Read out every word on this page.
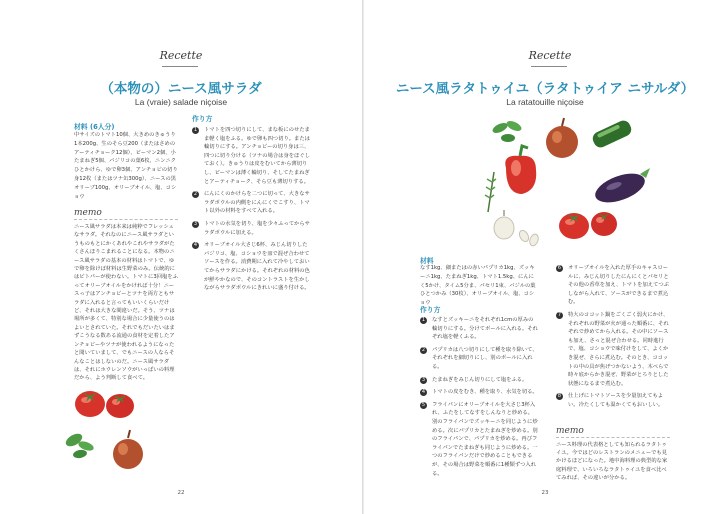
Recette
（本物の）ニース風サラダ
La (vraie) salade niçoise
材料 (6人分)
中サイズのトマト10個、大きめのきゅうり1本200g、生のそら豆200（またはさめのアーティチョーク12個）、ピーマン2個、小たまねぎ5個、バジリコの葉6枚、ニンニクひとかけら、ゆで卵3個、アンチョビの切り身12枚（またはツナ缶300g）、ニースの黒オリーブ100g、オリーブオイル、塩、コショウ
memo
ニース風サラダは本来は純粋でフレッシュなサラダ。それなのにニース風サラダというものもとにかくあれやこれやサラダがたくさんほりこまれることになる。本物のニース風サラダの基本の材料はトマトで、ゆで卵を除けば材料は生野菜のみ。伝統的にはピトパーが使わない。トマトに3回塩をふってオリーブオイルをかければ十分！ニースっ子はアンチョビーとツナを両方ともサラダに入れると言ってもいいくらいだけど、それは大きな間違いだ。そう、ツナは場所が多くて、特別な場合に少量使うのはよいとされていた。それでもだいたいはまずこうなる数ある流通の食材を定着したアンチョビーやツナが使われるようになったと聞いていまして、でもニースの人ならそんなことはしないのだ。ニース風サラダは、それにホウレンソウがいっぱいの料理だから、よう判断して食べて。
作り方
1	トマトを四つ切りにして、まな板にのせたまま軽く塩をふる。ゆで卵も四つ切り。または輪切りにする。アンチョビーの切り身は三、四つに切り分ける（ツナの場合は身をほぐしておく）。きゅうりは皮をむいてから薄切りし、ピーマンは薄く輪切り、そしてたまねぎとアーティチョーク、そら豆も薄切りする。
2	にんにくのかけらを二つに切って、大きなサラダボウルの内側をにんにくでこすり、トマト以外の材料をすべて入れる。
3	トマトの水気を切り、塩を少々ふってからサラダボウルに加える。
4	オリーブオイル大さじ6杯、みじん切りしたバジリコ、塩、コショウを皿で混ぜ合わせてソースを作る。消費期に入れて冷やしておいてからサラダにかける。それぞれの材料の色が鮮やかなので、そのコントラストを生かしながらサラダボウルにきれいに盛り付ける。
22
Recette
ニース風ラタトゥイユ（ラタトゥイア ニサルダ）
La ratatouille niçoise
材料
なす1kg、細またはの赤いパプリカ1kg、ズッキーニ1kg、たまねぎ1kg、トマト1.5kg、にんにく5かけ、タイム5分ま、パセリ1束、バジルの葉ひとつかみ（30枚）、オリーブオイル、塩、コショウ
作り方
1	なすとズッキーニをそれぞれ1cmの厚みの輪切りにする。分けてボールに入れる。それぞれ塩を軽くふる。
2	パプリカは八つ切りにして種を取り除いて、それぞれを細切りにし、別のボールに入れる。
3	たまねぎをみじん切りにして塩をふる。
4	トマトの皮をむき、種を取り、水気を切る。
5	フライパンにオリーブオイルを大さじ3杯入れ、ふたをしてなすをしんなりと炒める。別のフライパンでズッキーニを同じように炒める。次にパプリカとたまねぎを炒める。別のフライパンで、パプリカを炒める。再びフライパンでたまねぎも同じように炒める。一つのフライパンだけで炒めることもできるが、その場合は野菜を順番に1種類ずつ入れる。
6	オリーブオイルを入れた厚手のキャスロールに、みじん切りしたにんにくとパセリとその他の香草を加え、トマトを加えてつぶしながら入れて、ソースができるまで煮込む。
7	特大のココット鍋をごくごく弱火にかけ、それぞれの野菜が火が通った順番に、それぞれで炒めてから入れる。その中にソースも加え、さっと混ぜ合わせる。同時進行で、塩、コショウで味付けをして、よくかき混ぜ、さらに煮込む。そのとき、ココットの中の具が焦げつかないよう、木べらで時々底からかき混ぜ、野菜がとろりとした状態になるまで煮込む。
8	仕上げにトマトソースを少量加えてもよい。冷たくしても温かくてもおいしい。
memo
ニース料理の代表格としても知られるラタトゥイユ。今ではどのレストランのメニューでも見かけるほどになった。地中海料理の典型的な家庭料理で、いろいろなラタトゥイユを食べ比べてみれば、その違いが分かる。
23
